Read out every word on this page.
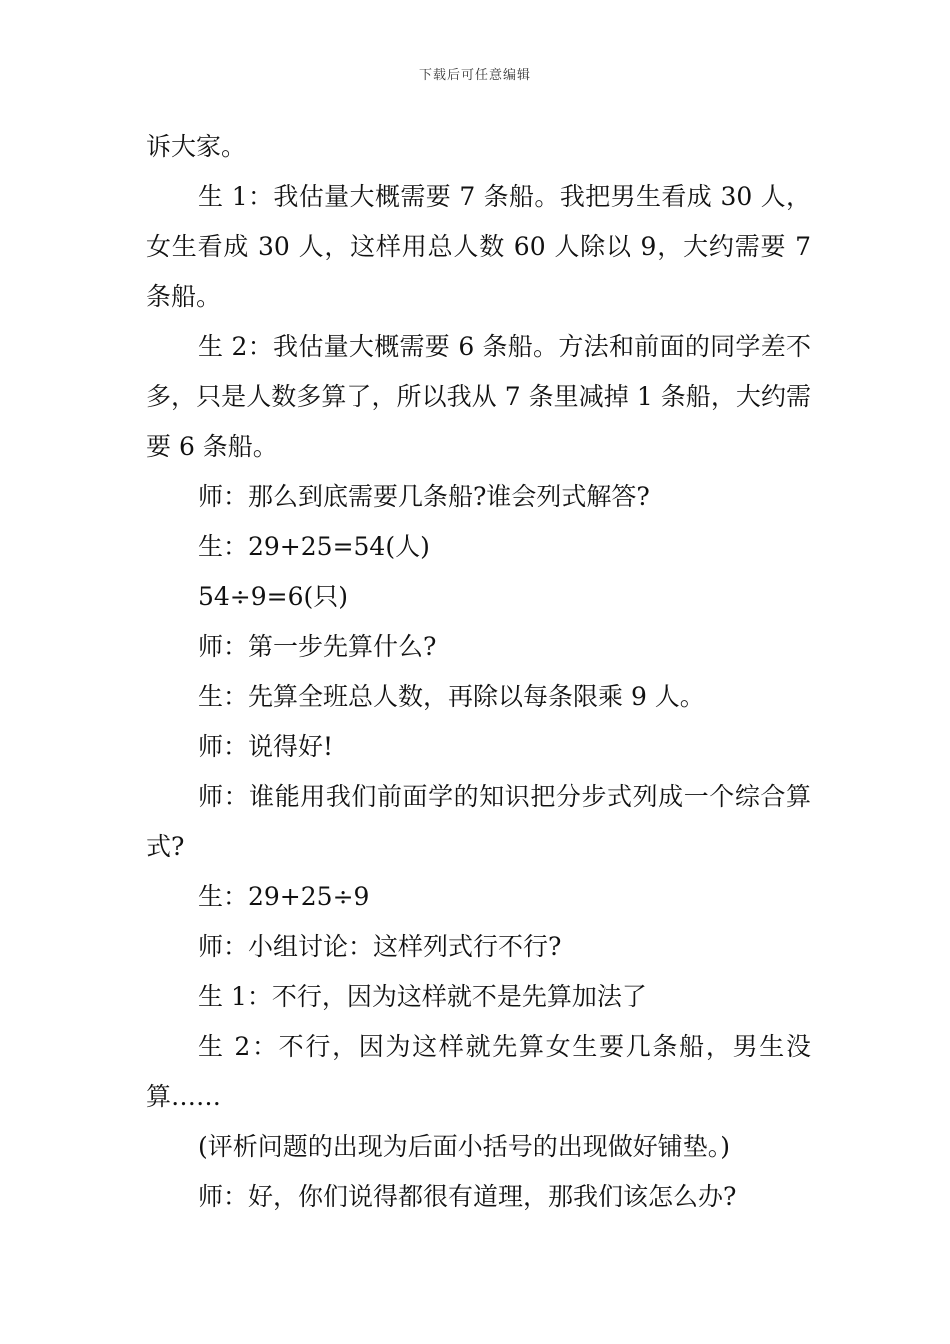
下载后可任意编辑

诉大家。

生 1：我估量大概需要 7 条船。我把男生看成 30 人，女生看成 30 人，这样用总人数 60 人除以 9，大约需要 7 条船。

生 2：我估量大概需要 6 条船。方法和前面的同学差不多，只是人数多算了，所以我从 7 条里减掉 1 条船，大约需要 6 条船。

师：那么到底需要几条船?谁会列式解答?

生：29+25=54(人)

54÷9=6(只)

师：第一步先算什么?

生：先算全班总人数，再除以每条限乘 9 人。

师：说得好!

师：谁能用我们前面学的知识把分步式列成一个综合算式?

生：29+25÷9

师：小组讨论：这样列式行不行?

生 1：不行，因为这样就不是先算加法了

生 2：不行，因为这样就先算女生要几条船，男生没算……

(评析问题的出现为后面小括号的出现做好铺垫。)

师：好，你们说得都很有道理，那我们该怎么办?
